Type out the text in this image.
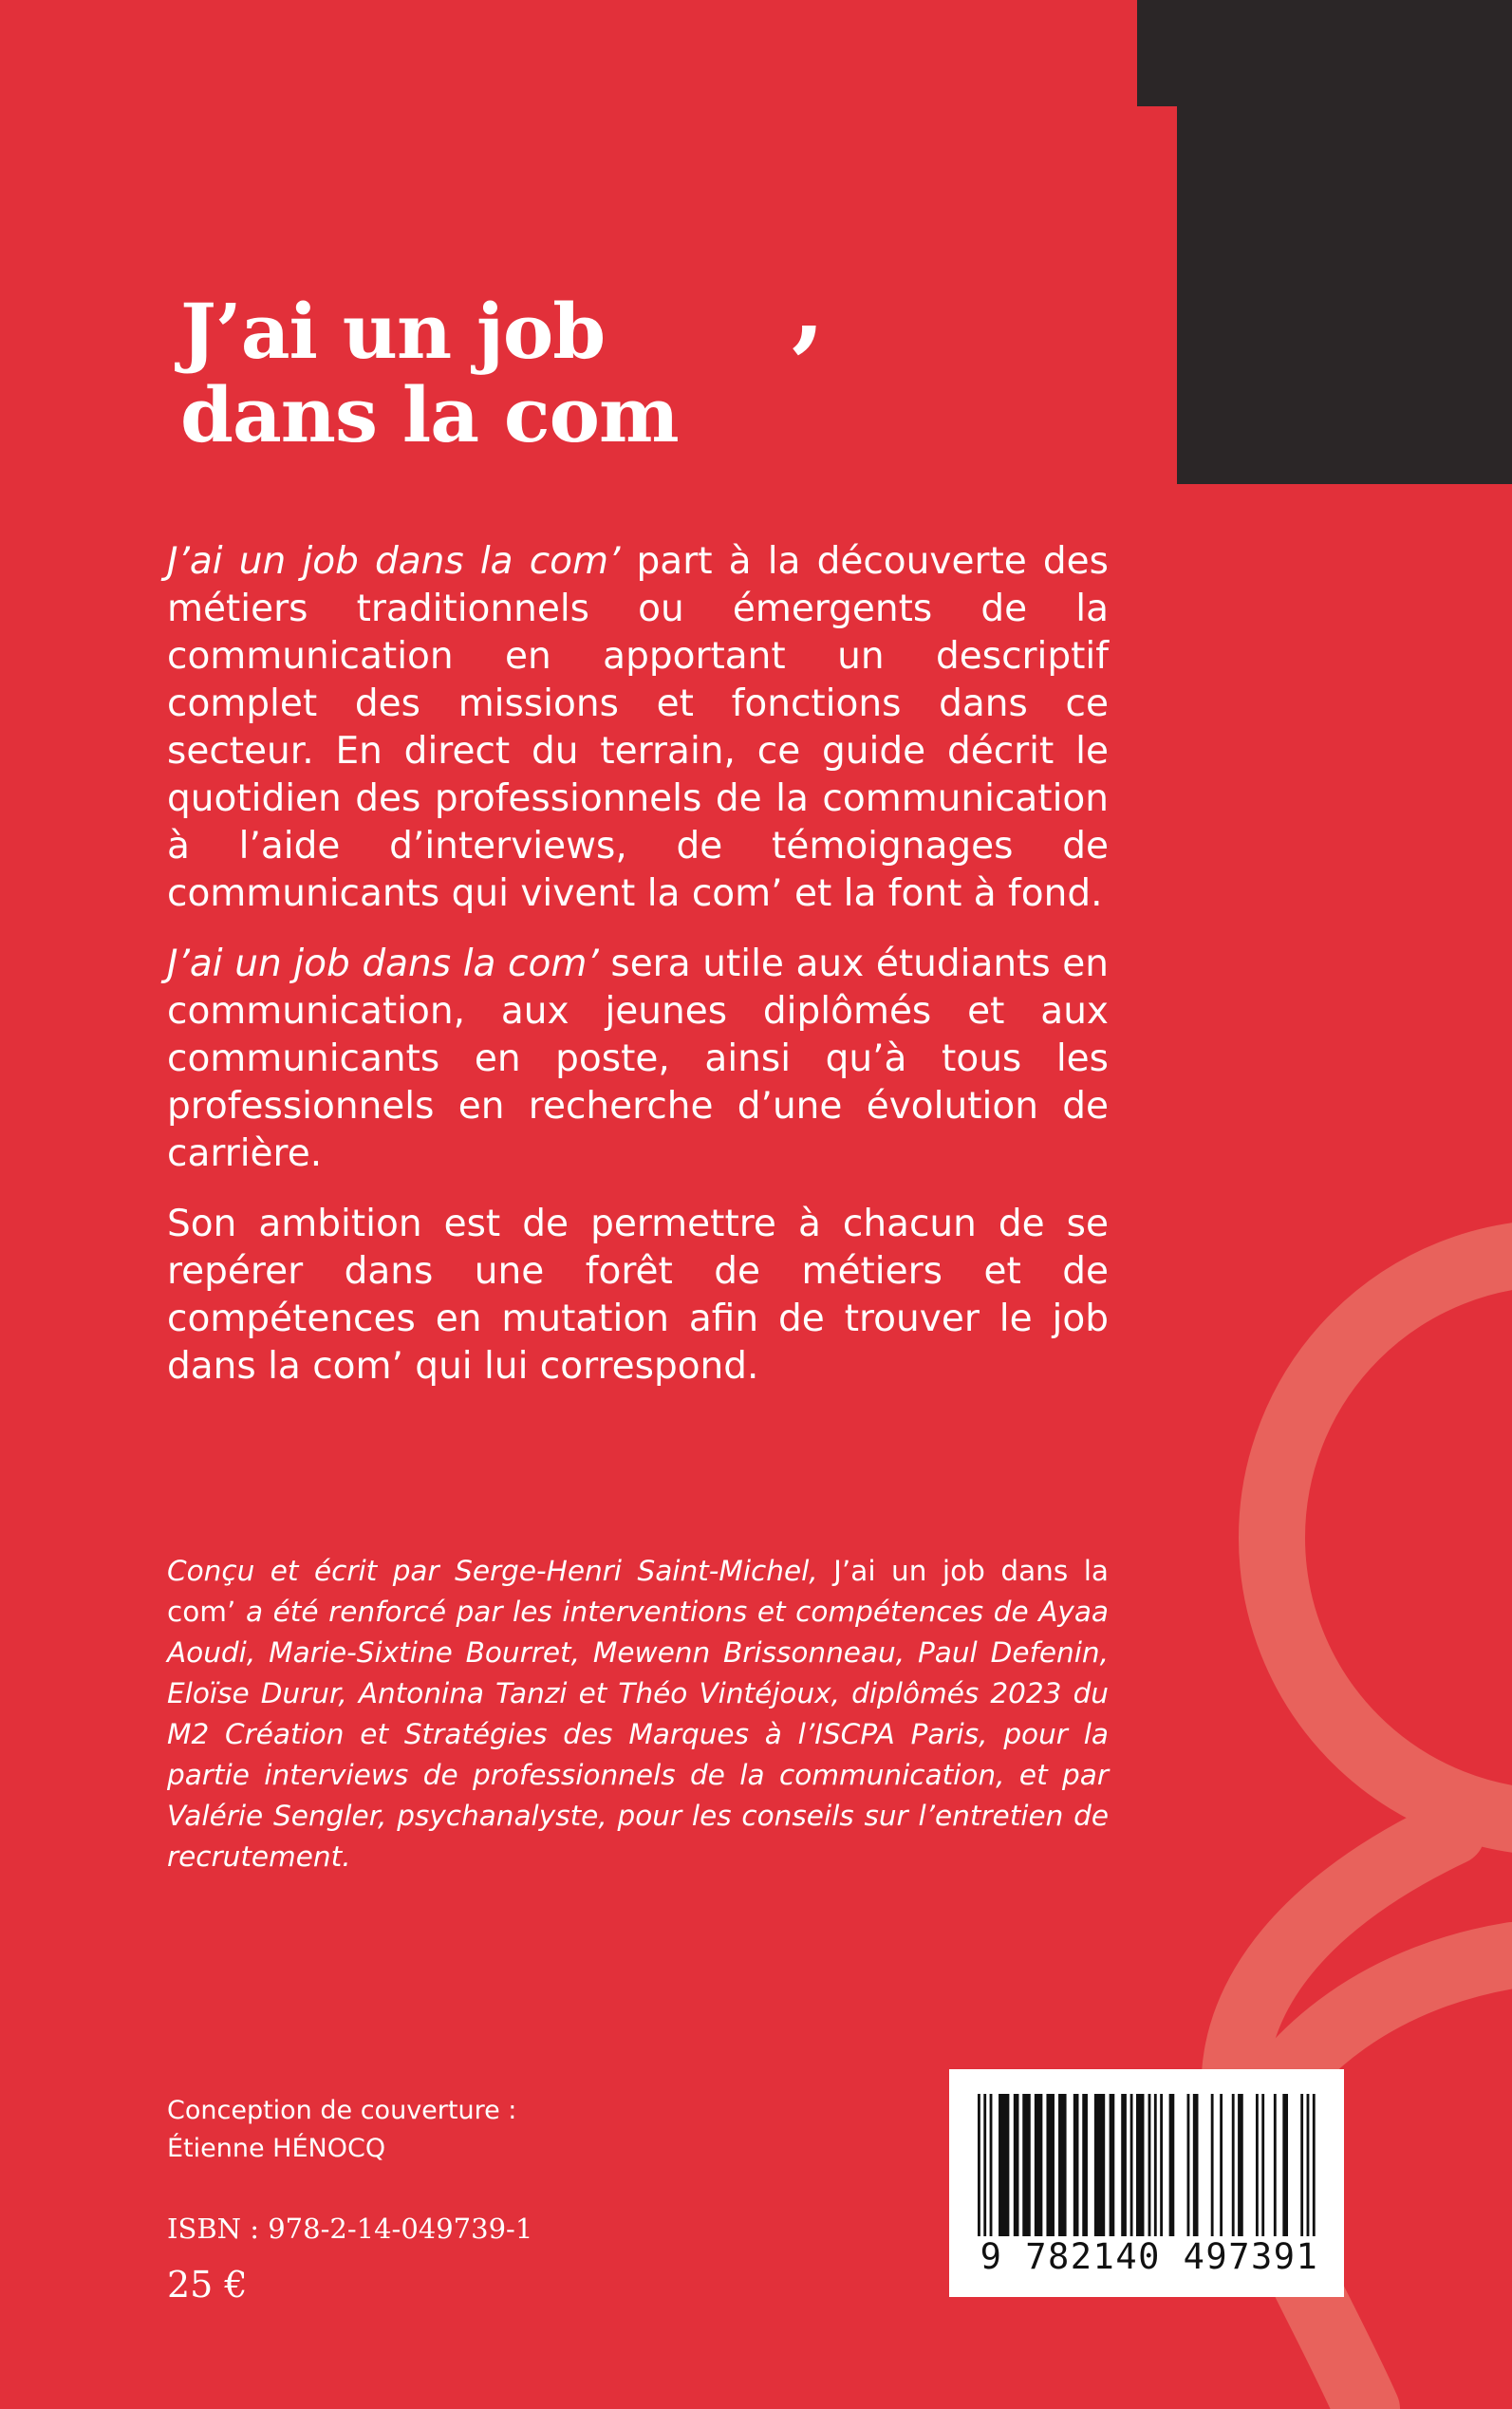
J’ai un job
dans la com ’

J’ai un job dans la com’ part à la découverte des métiers traditionnels ou émergents de la communication en apportant un descriptif complet des missions et fonctions dans ce secteur. En direct du terrain, ce guide décrit le quotidien des professionnels de la communication à l’aide d’interviews, de témoignages de communicants qui vivent la com’ et la font à fond.

J’ai un job dans la com’ sera utile aux étudiants en communication, aux jeunes diplômés et aux communicants en poste, ainsi qu’à tous les professionnels en recherche d’une évolution de carrière.

Son ambition est de permettre à chacun de se repérer dans une forêt de métiers et de compétences en mutation afin de trouver le job dans la com’ qui lui correspond.

Conçu et écrit par Serge-Henri Saint-Michel, J’ai un job dans la com’ a été renforcé par les interventions et compétences de Ayaa Aoudi, Marie-Sixtine Bourret, Mewenn Brissonneau, Paul Defenin, Eloïse Durur, Antonina Tanzi et Théo Vintéjoux, diplômés 2023 du M2 Création et Stratégies des Marques à l’ISCPA Paris, pour la partie interviews de professionnels de la communication, et par Valérie Sengler, psychanalyste, pour les conseils sur l’entretien de recrutement.

Conception de couverture :
Étienne HÉNOCQ
ISBN : 978-2-14-049739-1
25 €
9 782140 497391
